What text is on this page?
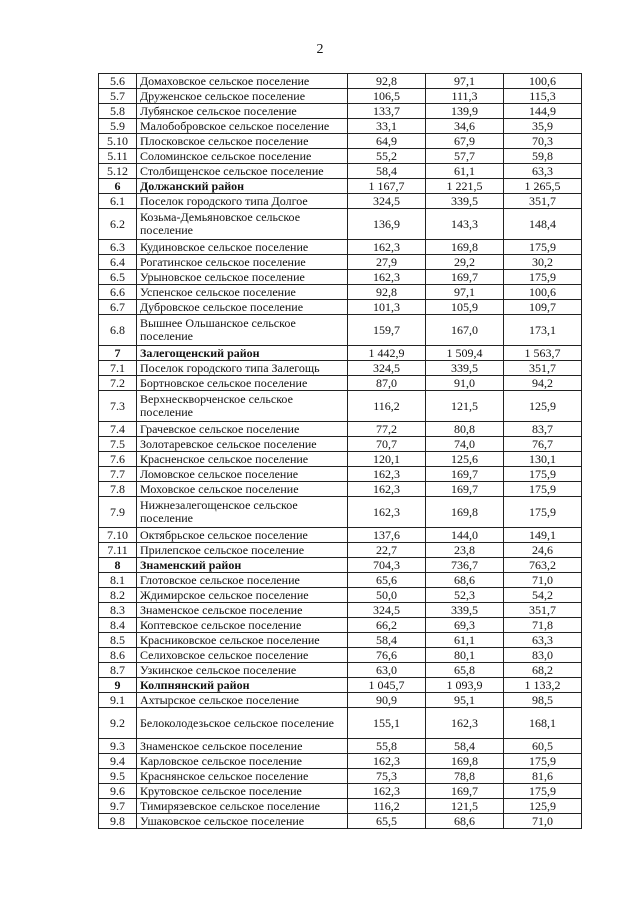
2
5.6	Домаховское сельское поселение	92,8	97,1	100,6
5.7	Друженское сельское поселение	106,5	111,3	115,3
5.8	Лубянское сельское поселение	133,7	139,9	144,9
5.9	Малобобровское сельское поселение	33,1	34,6	35,9
5.10	Плосковское сельское поселение	64,9	67,9	70,3
5.11	Соломинское сельское поселение	55,2	57,7	59,8
5.12	Столбищенское сельское поселение	58,4	61,1	63,3
6	Должанский район	1 167,7	1 221,5	1 265,5
6.1	Поселок городского типа Долгое	324,5	339,5	351,7
6.2	Козьма-Демьяновское сельское поселение	136,9	143,3	148,4
6.3	Кудиновское сельское поселение	162,3	169,8	175,9
6.4	Рогатинское сельское поселение	27,9	29,2	30,2
6.5	Урыновское сельское поселение	162,3	169,7	175,9
6.6	Успенское сельское поселение	92,8	97,1	100,6
6.7	Дубровское сельское поселение	101,3	105,9	109,7
6.8	Вышнее Ольшанское сельское поселение	159,7	167,0	173,1
7	Залегощенский район	1 442,9	1 509,4	1 563,7
7.1	Поселок городского типа Залегощь	324,5	339,5	351,7
7.2	Бортновское сельское поселение	87,0	91,0	94,2
7.3	Верхнескворченское сельское поселение	116,2	121,5	125,9
7.4	Грачевское сельское поселение	77,2	80,8	83,7
7.5	Золотаревское сельское поселение	70,7	74,0	76,7
7.6	Красненское сельское поселение	120,1	125,6	130,1
7.7	Ломовское сельское поселение	162,3	169,7	175,9
7.8	Моховское сельское поселение	162,3	169,7	175,9
7.9	Нижнезалегощенское сельское поселение	162,3	169,8	175,9
7.10	Октябрьское сельское поселение	137,6	144,0	149,1
7.11	Прилепское сельское поселение	22,7	23,8	24,6
8	Знаменский район	704,3	736,7	763,2
8.1	Глотовское сельское поселение	65,6	68,6	71,0
8.2	Ждимирское сельское поселение	50,0	52,3	54,2
8.3	Знаменское сельское поселение	324,5	339,5	351,7
8.4	Коптевское сельское поселение	66,2	69,3	71,8
8.5	Красниковское сельское поселение	58,4	61,1	63,3
8.6	Селиховское сельское поселение	76,6	80,1	83,0
8.7	Узкинское сельское поселение	63,0	65,8	68,2
9	Колпнянский район	1 045,7	1 093,9	1 133,2
9.1	Ахтырское сельское поселение	90,9	95,1	98,5
9.2	Белоколодезьское сельское поселение	155,1	162,3	168,1
9.3	Знаменское сельское поселение	55,8	58,4	60,5
9.4	Карловское сельское поселение	162,3	169,8	175,9
9.5	Краснянское сельское поселение	75,3	78,8	81,6
9.6	Крутовское сельское поселение	162,3	169,7	175,9
9.7	Тимирязевское сельское поселение	116,2	121,5	125,9
9.8	Ушаковское сельское поселение	65,5	68,6	71,0
